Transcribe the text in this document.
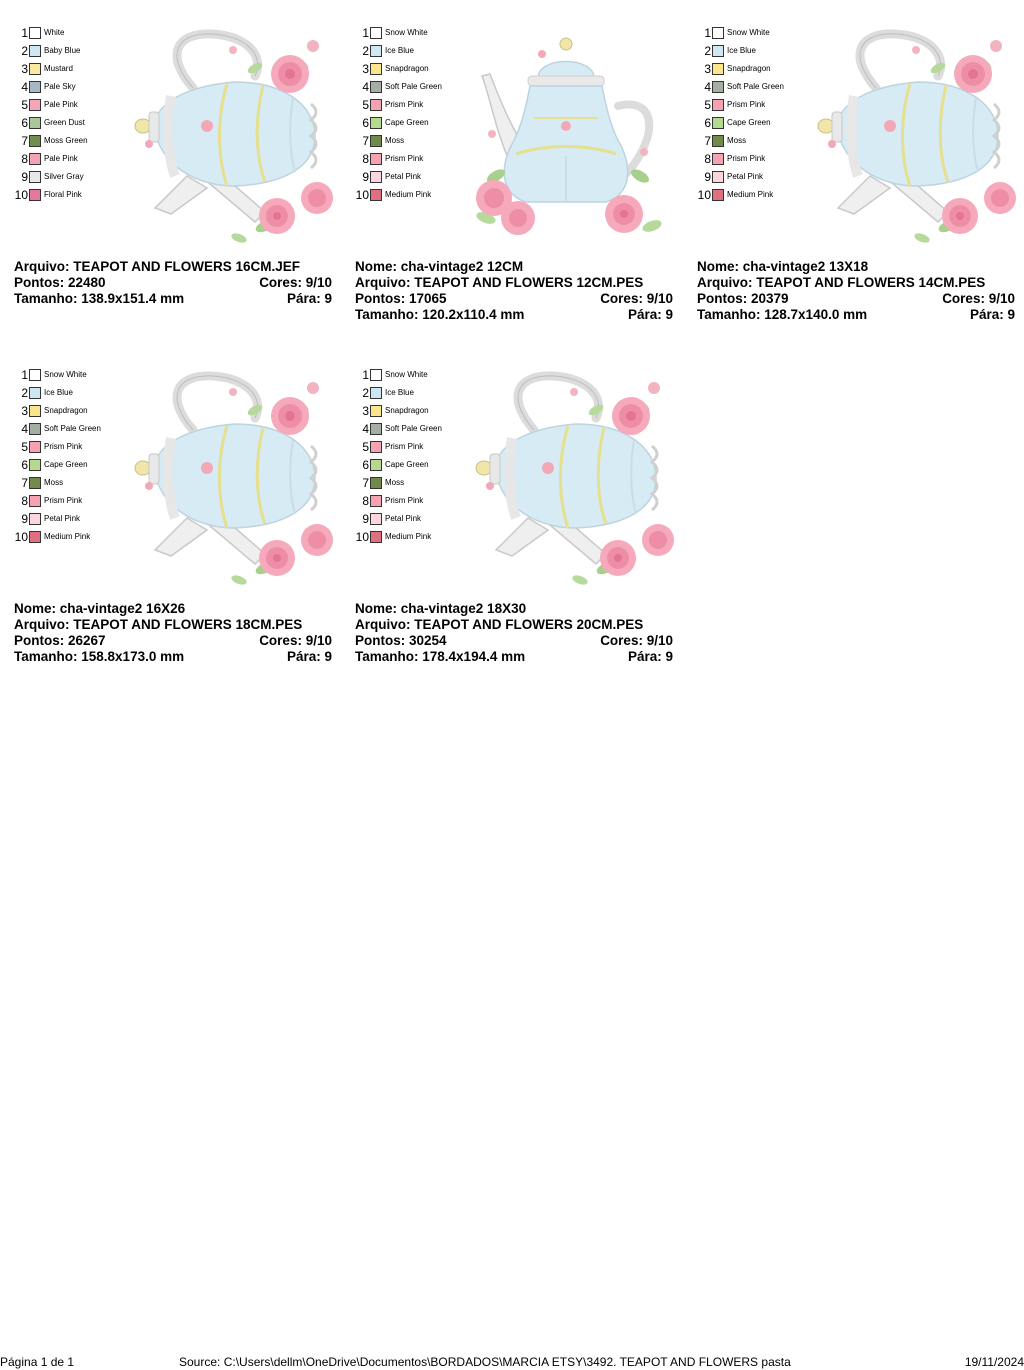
1 White
2 Baby Blue
3 Mustard
4 Pale Sky
5 Pale Pink
6 Green Dust
7 Moss Green
8 Pale Pink
9 Silver Gray
10 Floral Pink
Arquivo: TEAPOT AND FLOWERS 16CM.JEF
Pontos: 22480	Cores: 9/10
Tamanho: 138.9x151.4 mm	Pára: 9
1 Snow White
2 Ice Blue
3 Snapdragon
4 Soft Pale Green
5 Prism Pink
6 Cape Green
7 Moss
8 Prism Pink
9 Petal Pink
10 Medium Pink
Nome: cha-vintage2 12CM
Arquivo: TEAPOT AND FLOWERS 12CM.PES
Pontos: 17065	Cores: 9/10
Tamanho: 120.2x110.4 mm	Pára: 9
1 Snow White
2 Ice Blue
3 Snapdragon
4 Soft Pale Green
5 Prism Pink
6 Cape Green
7 Moss
8 Prism Pink
9 Petal Pink
10 Medium Pink
Nome: cha-vintage2 13X18
Arquivo: TEAPOT AND FLOWERS 14CM.PES
Pontos: 20379	Cores: 9/10
Tamanho: 128.7x140.0 mm	Pára: 9
1 Snow White
2 Ice Blue
3 Snapdragon
4 Soft Pale Green
5 Prism Pink
6 Cape Green
7 Moss
8 Prism Pink
9 Petal Pink
10 Medium Pink
Nome: cha-vintage2 16X26
Arquivo: TEAPOT AND FLOWERS 18CM.PES
Pontos: 26267	Cores: 9/10
Tamanho: 158.8x173.0 mm	Pára: 9
1 Snow White
2 Ice Blue
3 Snapdragon
4 Soft Pale Green
5 Prism Pink
6 Cape Green
7 Moss
8 Prism Pink
9 Petal Pink
10 Medium Pink
Nome: cha-vintage2 18X30
Arquivo: TEAPOT AND FLOWERS 20CM.PES
Pontos: 30254	Cores: 9/10
Tamanho: 178.4x194.4 mm	Pára: 9
Página 1 de 1	Source: C:\Users\dellm\OneDrive\Documentos\BORDADOS\MARCIA ETSY\3492. TEAPOT AND FLOWERS pasta	19/11/2024
